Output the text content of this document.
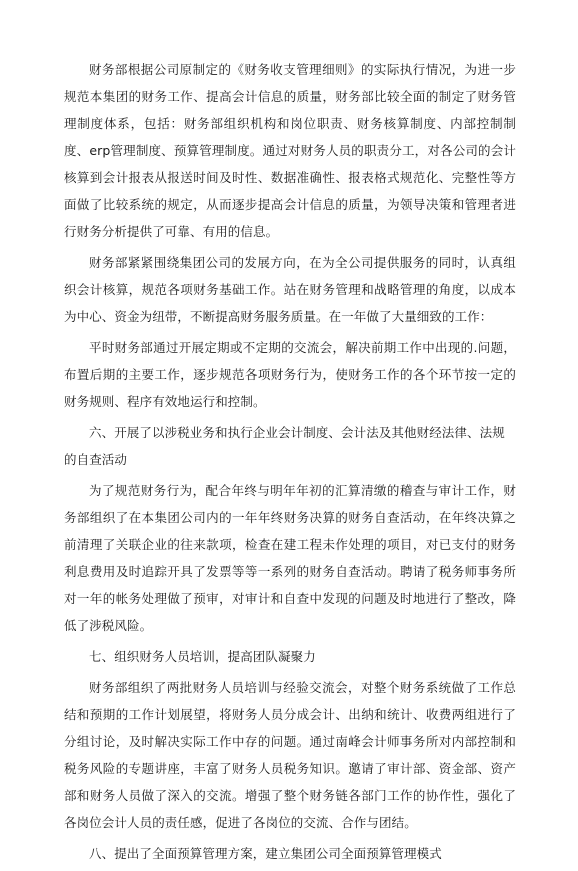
财务部根据公司原制定的《财务收支管理细则》的实际执行情况，为进一步规范本集团的财务工作、提高会计信息的质量，财务部比较全面的制定了财务管理制度体系，包括：财务部组织机构和岗位职责、财务核算制度、内部控制制度、erp管理制度、预算管理制度。通过对财务人员的职责分工，对各公司的会计核算到会计报表从报送时间及时性、数据准确性、报表格式规范化、完整性等方面做了比较系统的规定，从而逐步提高会计信息的质量，为领导决策和管理者进行财务分析提供了可靠、有用的信息。

财务部紧紧围绕集团公司的发展方向，在为全公司提供服务的同时，认真组织会计核算，规范各项财务基础工作。站在财务管理和战略管理的角度，以成本为中心、资金为纽带，不断提高财务服务质量。在一年做了大量细致的工作：

平时财务部通过开展定期或不定期的交流会，解决前期工作中出现的.问题，布置后期的主要工作，逐步规范各项财务行为，使财务工作的各个环节按一定的财务规则、程序有效地运行和控制。

六、开展了以涉税业务和执行企业会计制度、会计法及其他财经法律、法规的自查活动

为了规范财务行为，配合年终与明年年初的汇算清缴的稽查与审计工作，财务部组织了在本集团公司内的一年年终财务决算的财务自查活动，在年终决算之前清理了关联企业的往来款项，检查在建工程未作处理的项目，对已支付的财务利息费用及时追踪开具了发票等等一系列的财务自查活动。聘请了税务师事务所对一年的帐务处理做了预审，对审计和自查中发现的问题及时地进行了整改，降低了涉税风险。

七、组织财务人员培训，提高团队凝聚力

财务部组织了两批财务人员培训与经验交流会，对整个财务系统做了工作总结和预期的工作计划展望，将财务人员分成会计、出纳和统计、收费两组进行了分组讨论，及时解决实际工作中存的问题。通过南峰会计师事务所对内部控制和税务风险的专题讲座，丰富了财务人员税务知识。邀请了审计部、资金部、资产部和财务人员做了深入的交流。增强了整个财务链各部门工作的协作性，强化了各岗位会计人员的责任感，促进了各岗位的交流、合作与团结。

八、提出了全面预算管理方案，建立集团公司全面预算管理模式
